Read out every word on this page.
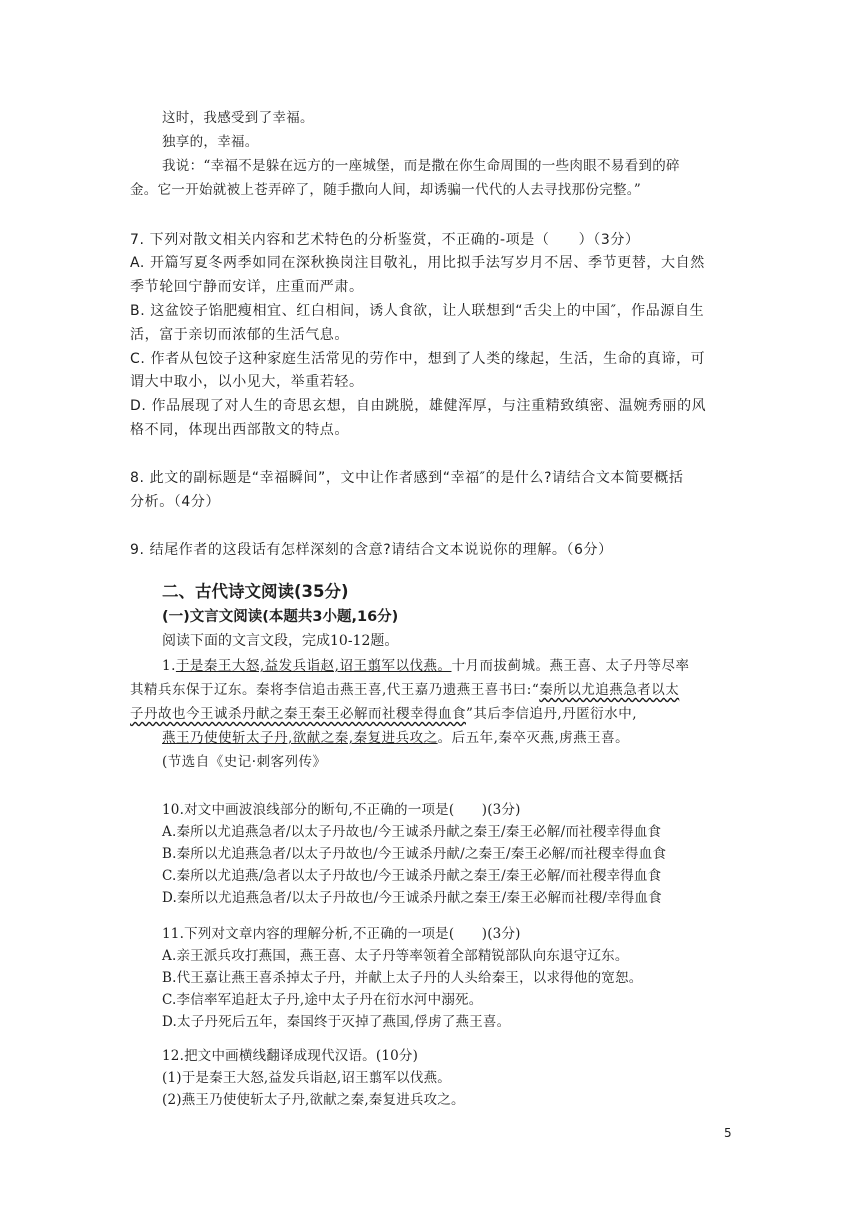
这时，我感受到了幸福。

独享的，幸福。

我说：“幸福不是躲在远方的一座城堡，而是撒在你生命周围的一些肉眼不易看到的碎

金。它一开始就被上苍弄碎了，随手撒向人间，却诱骗一代代的人去寻找那份完整。”

7. 下列对散文相关内容和艺术特色的分析鉴赏，不正确的-项是（　　）（3分）

A. 开篇写夏冬两季如同在深秋换岗注目敬礼，用比拟手法写岁月不居、季节更替，大自然

季节轮回宁静而安详，庄重而严肃。

B. 这盆饺子馅肥瘦相宜、红白相间，诱人食欲，让人联想到“舌尖上的中国″，作品源自生

活，富于亲切而浓郁的生活气息。

C. 作者从包饺子这种家庭生活常见的劳作中，想到了人类的缘起，生活，生命的真谛，可

谓大中取小，以小见大，举重若轻。

D. 作品展现了对人生的奇思玄想，自由跳脱，雄健浑厚，与注重精致缜密、温婉秀丽的风

格不同，体现出西部散文的特点。

8. 此文的副标题是“幸福瞬间”，文中让作者感到“幸福″的是什么?请结合文本简要概括

分析。（4分）

9. 结尾作者的这段话有怎样深刻的含意?请结合文本说说你的理解。（6分）

二、古代诗文阅读(35分)

(一)文言文阅读(本题共3小题,16分)

阅读下面的文言文段，完成10-12题。

1.于是秦王大怒,益发兵诣赵,诏王翦军以伐燕。十月而拔蓟城。燕王喜、太子丹等尽率

其精兵东保于辽东。秦将李信追击燕王喜,代王嘉乃遗燕王喜书曰:“秦所以尤追燕急者以太

子丹故也今王诚杀丹献之秦王秦王必解而社稷幸得血食”其后李信追丹,丹匿衍水中,

燕王乃使使斩太子丹,欲献之秦,秦复进兵攻之。后五年,秦卒灭燕,虏燕王喜。

(节选自《史记·刺客列传》

10.对文中画波浪线部分的断句,不正确的一项是(　　)(3分)

A.秦所以尤追燕急者/以太子丹故也/今王诚杀丹献之秦王/秦王必解/而社稷幸得血食

B.秦所以尤追燕急者/以太子丹故也/今王诚杀丹献/之秦王/秦王必解/而社稷幸得血食

C.秦所以尤追燕/急者以太子丹故也/今王诚杀丹献之秦王/秦王必解/而社稷幸得血食

D.秦所以尤追燕急者/以太子丹故也/今王诚杀丹献之秦王/秦王必解而社稷/幸得血食

11.下列对文章内容的理解分析,不正确的一项是(　　)(3分)

A.亲王派兵攻打燕国，燕王喜、太子丹等率领着全部精锐部队向东退守辽东。

B.代王嘉让燕王喜杀掉太子丹，并献上太子丹的人头给秦王，以求得他的宽恕。

C.李信率军追赶太子丹,途中太子丹在衍水河中溺死。

D.太子丹死后五年，秦国终于灭掉了燕国,俘虏了燕王喜。

12.把文中画横线翻译成现代汉语。(10分)

(1)于是秦王大怒,益发兵诣赵,诏王翦军以伐燕。

(2)燕王乃使使斩太子丹,欲献之秦,秦复进兵攻之。

5
